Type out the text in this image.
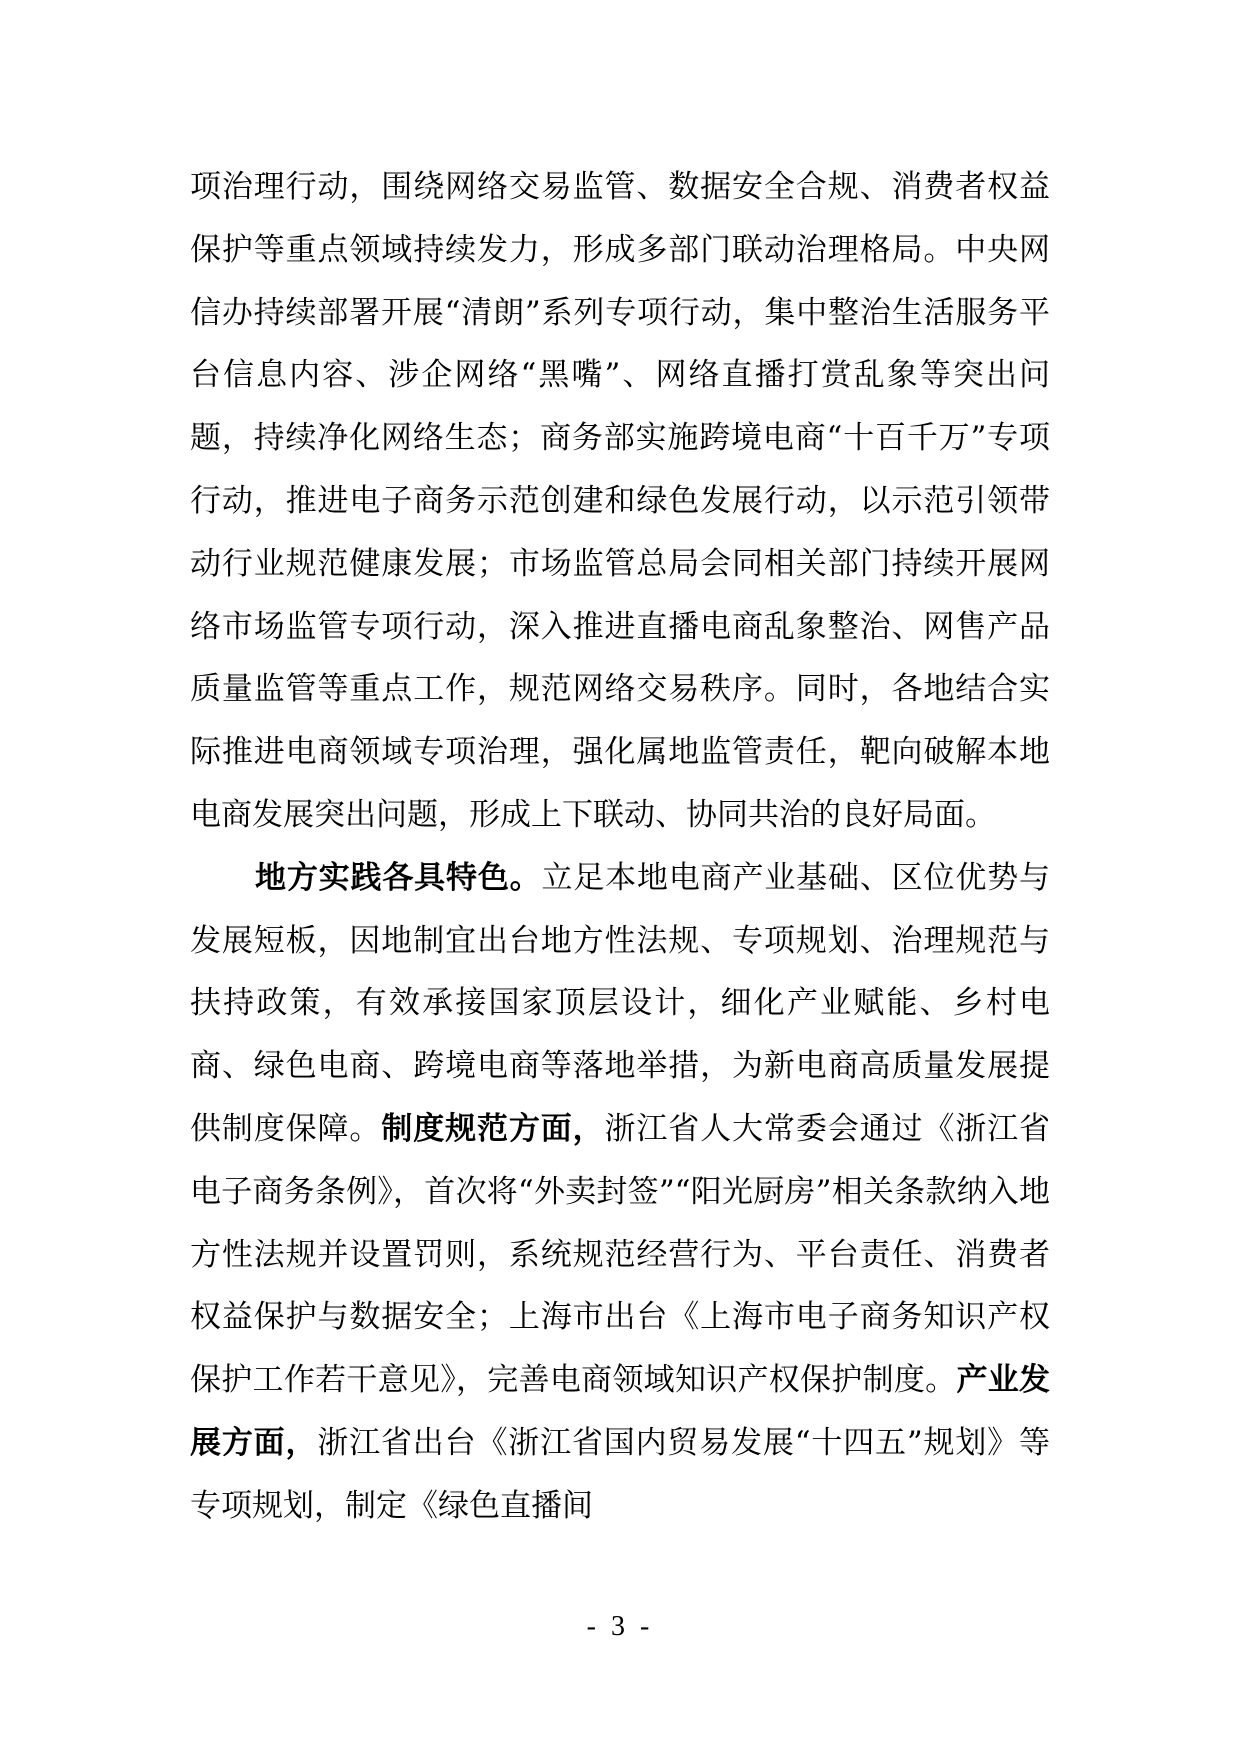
项治理行动，围绕网络交易监管、数据安全合规、消费者权益保护等重点领域持续发力，形成多部门联动治理格局。中央网信办持续部署开展“清朗”系列专项行动，集中整治生活服务平台信息内容、涉企网络“黑嘴”、网络直播打赏乱象等突出问题，持续净化网络生态；商务部实施跨境电商“十百千万”专项行动，推进电子商务示范创建和绿色发展行动，以示范引领带动行业规范健康发展；市场监管总局会同相关部门持续开展网络市场监管专项行动，深入推进直播电商乱象整治、网售产品质量监管等重点工作，规范网络交易秩序。同时，各地结合实际推进电商领域专项治理，强化属地监管责任，靶向破解本地电商发展突出问题，形成上下联动、协同共治的良好局面。

地方实践各具特色。立足本地电商产业基础、区位优势与发展短板，因地制宜出台地方性法规、专项规划、治理规范与扶持政策，有效承接国家顶层设计，细化产业赋能、乡村电商、绿色电商、跨境电商等落地举措，为新电商高质量发展提供制度保障。制度规范方面，浙江省人大常委会通过《浙江省电子商务条例》，首次将“外卖封签”“阳光厨房”相关条款纳入地方性法规并设置罚则，系统规范经营行为、平台责任、消费者权益保护与数据安全；上海市出台《上海市电子商务知识产权保护工作若干意见》，完善电商领域知识产权保护制度。产业发展方面，浙江省出台《浙江省国内贸易发展“十四五”规划》等专项规划，制定《绿色直播间

- 3 -
